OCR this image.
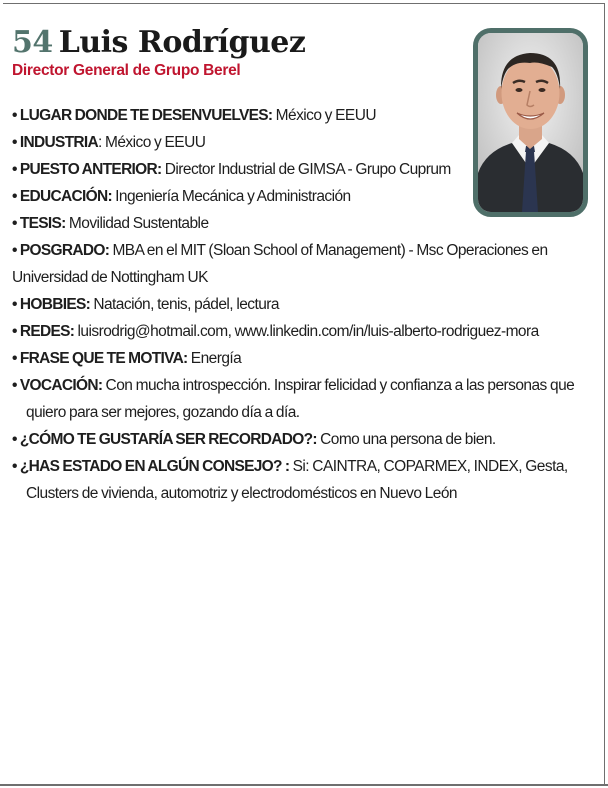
54 Luis Rodríguez
Director General de Grupo Berel

• LUGAR DONDE TE DESENVUELVES: México y EEUU

• INDUSTRIA: México y EEUU

• PUESTO ANTERIOR: Director Industrial de GIMSA - Grupo Cuprum

• EDUCACIÓN: Ingeniería Mecánica y Administración

• TESIS: Movilidad Sustentable

• POSGRADO: MBA en el MIT (Sloan School of Management) - Msc Operaciones en Universidad de Nottingham UK

• HOBBIES: Natación, tenis, pádel, lectura

• REDES: luisrodrig@hotmail.com, www.linkedin.com/in/luis-alberto-rodriguez-mora

• FRASE QUE TE MOTIVA: Energía

• VOCACIÓN: Con mucha introspección. Inspirar felicidad y confianza a las personas que quiero para ser mejores, gozando día a día.

• ¿CÓMO TE GUSTARÍA SER RECORDADO?: Como una persona de bien.

• ¿HAS ESTADO EN ALGÚN CONSEJO? : Si: CAINTRA, COPARMEX, INDEX, Gesta, Clusters de vivienda, automotriz y electrodomésticos en Nuevo León
